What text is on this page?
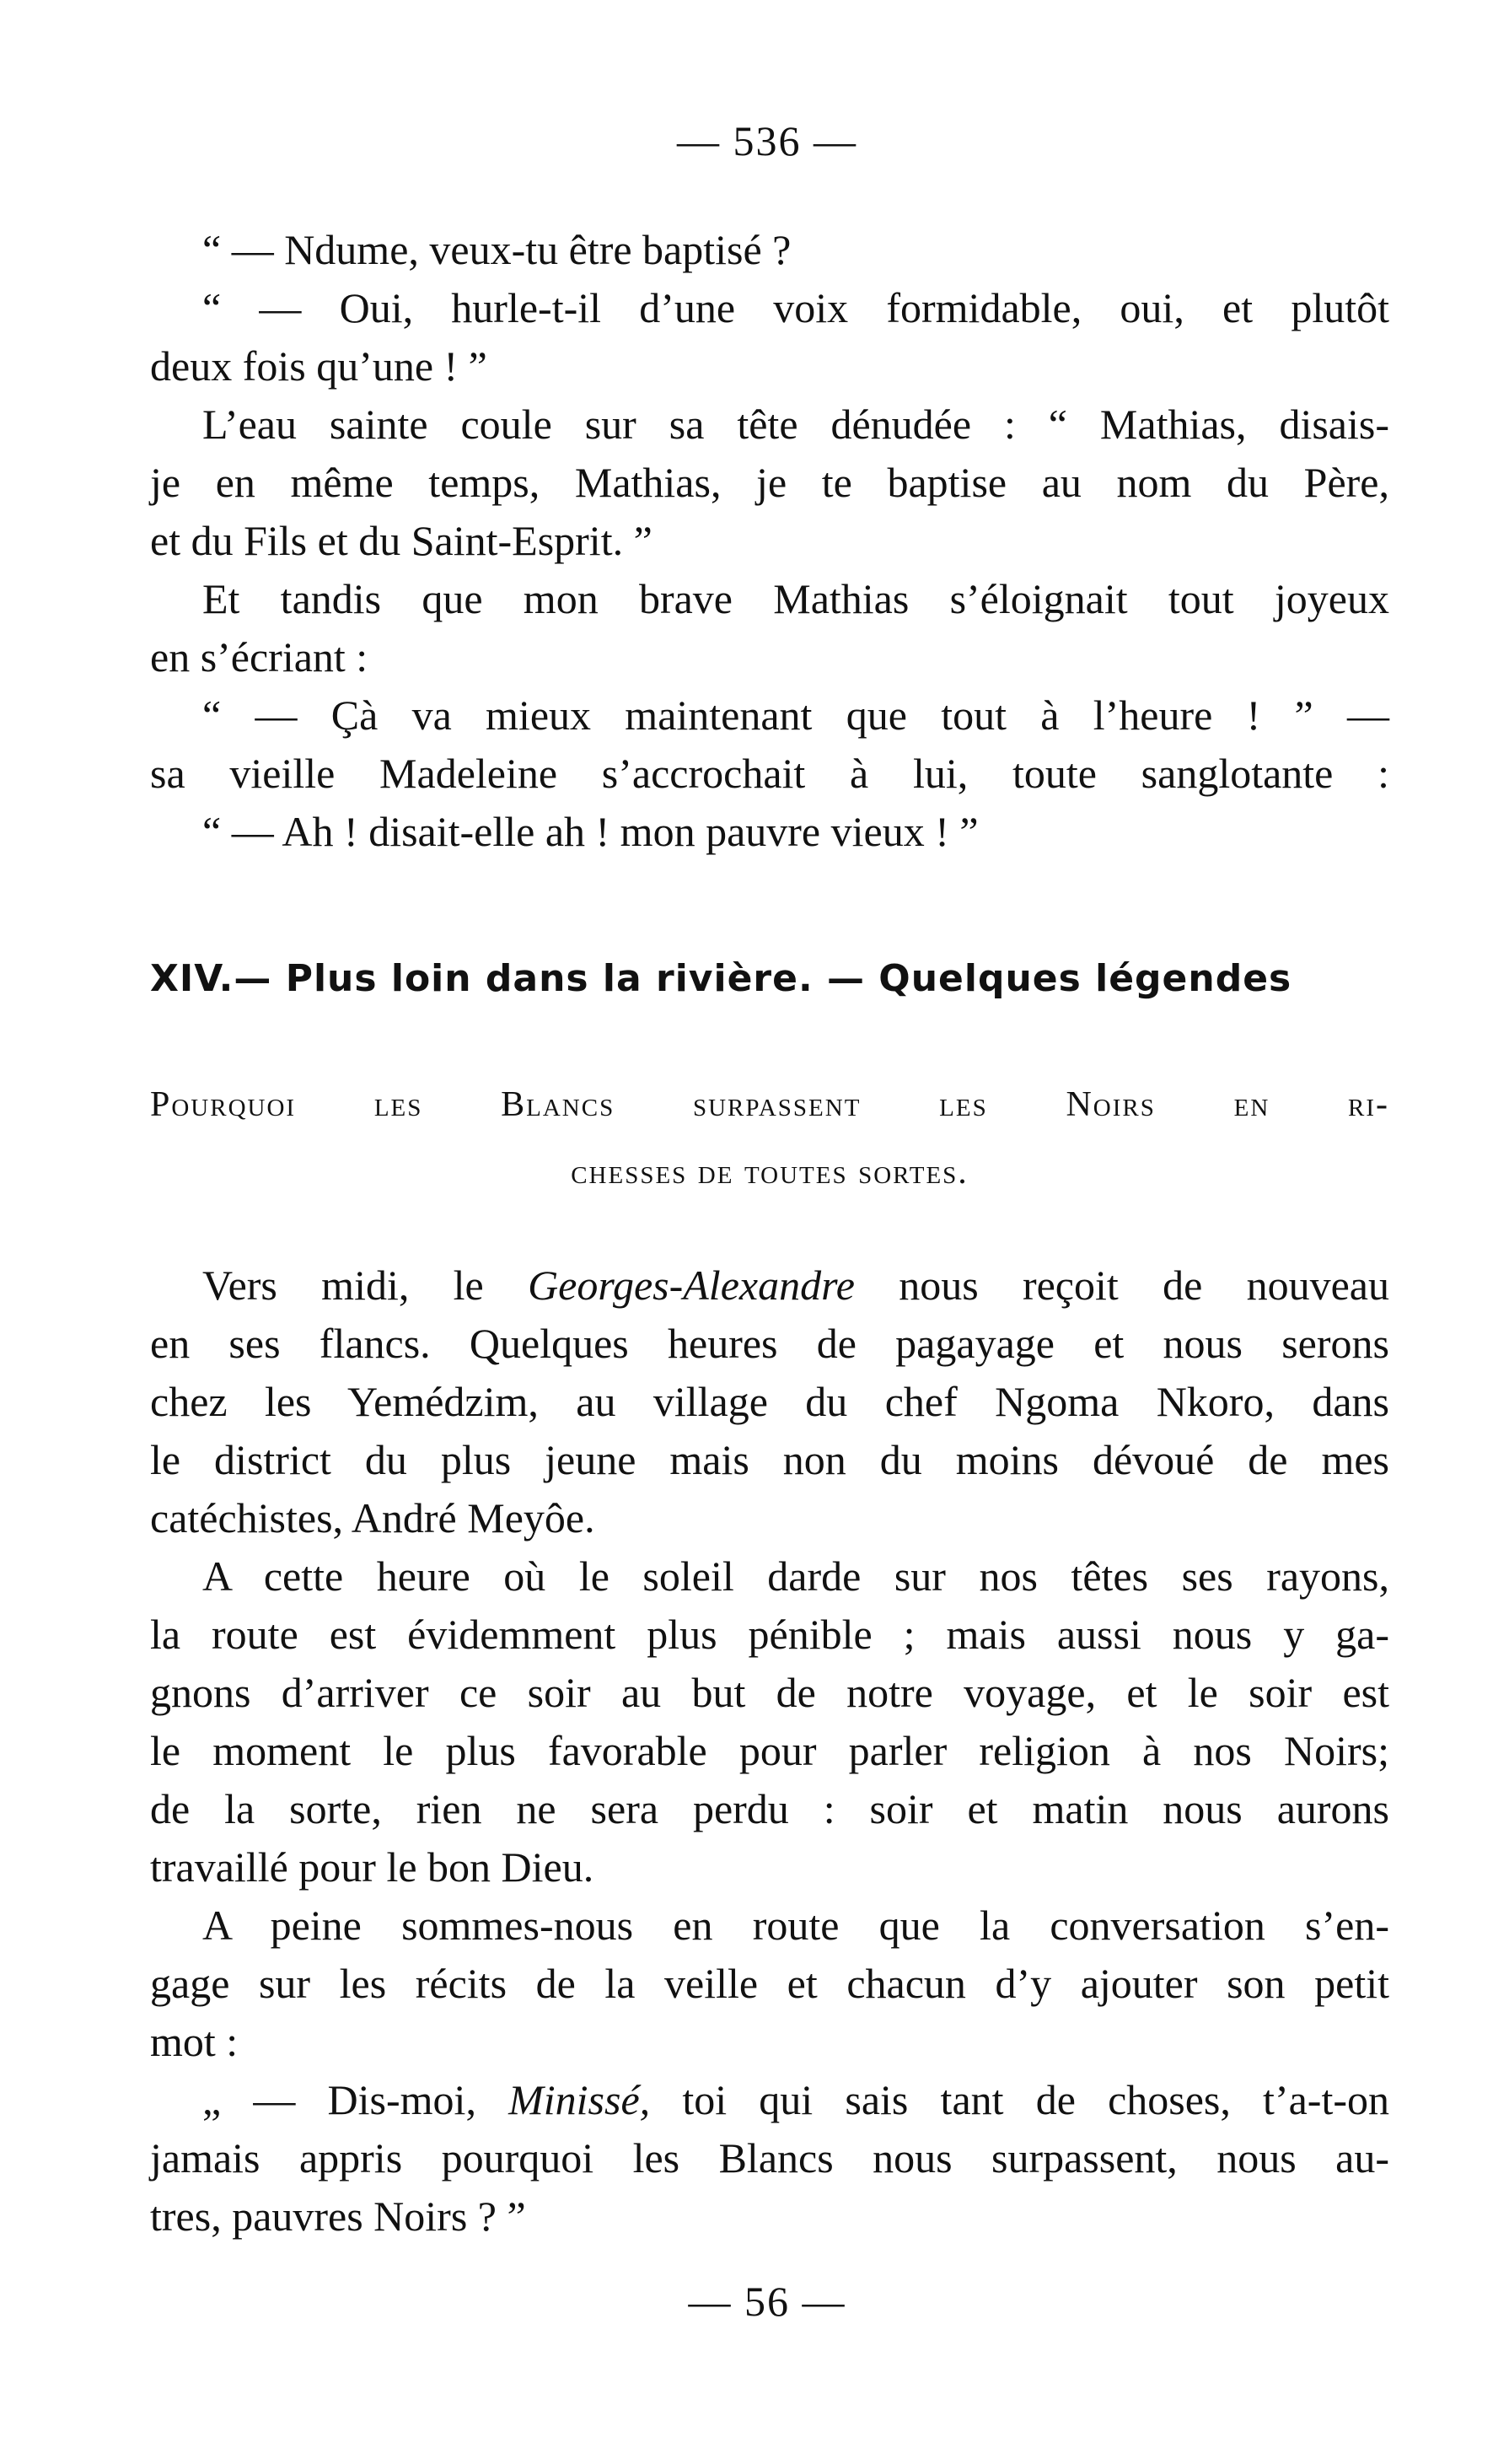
— 536 —
“ — Ndume, veux-tu être baptisé ?
“ — Oui, hurle-t-il d’une voix formidable, oui, et plutôt
deux fois qu’une ! ”
L’eau sainte coule sur sa tête dénudée : “ Mathias, disais-
je en même temps, Mathias, je te baptise au nom du Père,
et du Fils et du Saint-Esprit. ”
Et tandis que mon brave Mathias s’éloignait tout joyeux
en s’écriant :
“ — Çà va mieux maintenant que tout à l’heure ! ” —
sa vieille Madeleine s’accrochait à lui, toute sanglotante :
“ — Ah ! disait-elle ah ! mon pauvre vieux ! ”
XIV.— Plus loin dans la rivière. — Quelques légendes
Pourquoi les Blancs surpassent les Noirs en ri-
chesses de toutes sortes.
Vers midi, le Georges-Alexandre nous reçoit de nouveau
en ses flancs. Quelques heures de pagayage et nous serons
chez les Yemédzim, au village du chef Ngoma Nkoro, dans
le district du plus jeune mais non du moins dévoué de mes
catéchistes, André Meyôe.
A cette heure où le soleil darde sur nos têtes ses rayons,
la route est évidemment plus pénible ; mais aussi nous y ga-
gnons d’arriver ce soir au but de notre voyage, et le soir est
le moment le plus favorable pour parler religion à nos Noirs;
de la sorte, rien ne sera perdu : soir et matin nous aurons
travaillé pour le bon Dieu.
A peine sommes-nous en route que la conversation s’en-
gage sur les récits de la veille et chacun d’y ajouter son petit
mot :
„ — Dis-moi, Minissé, toi qui sais tant de choses, t’a-t-on
jamais appris pourquoi les Blancs nous surpassent, nous au-
tres, pauvres Noirs ? ”
— 56 —
